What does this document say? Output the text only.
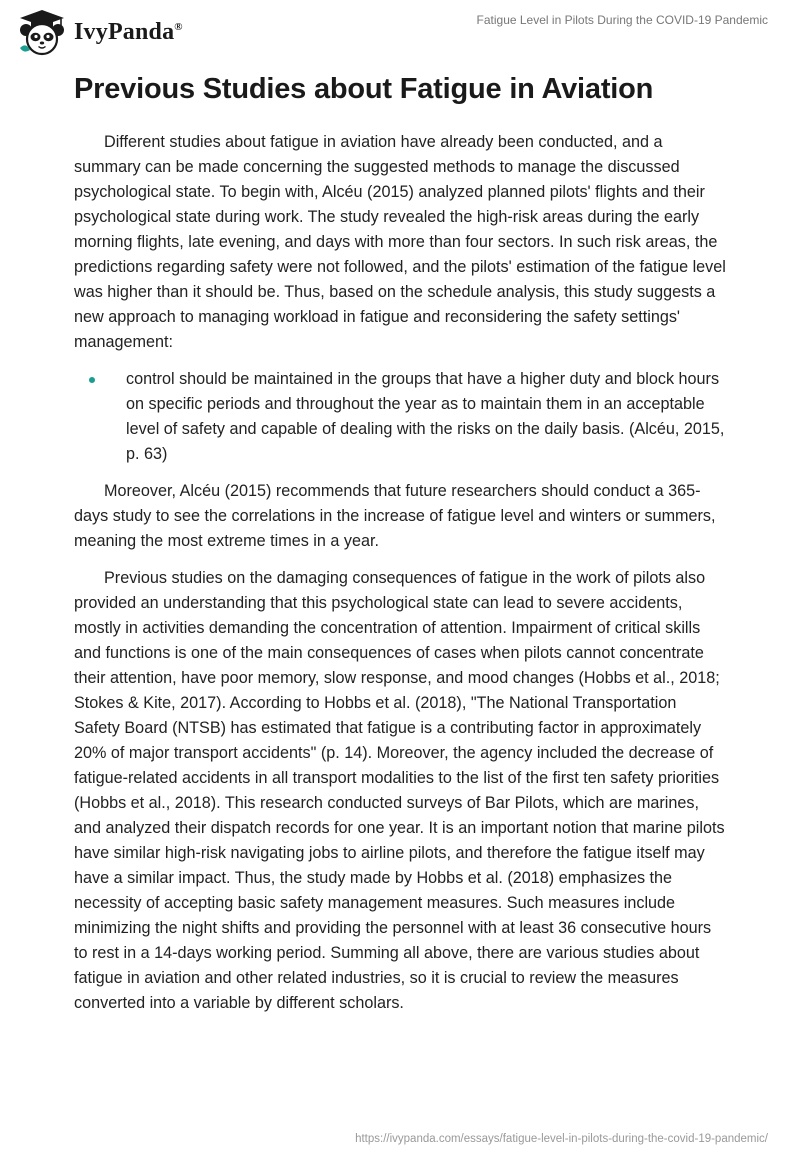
IvyPanda®	Fatigue Level in Pilots During the COVID-19 Pandemic
Previous Studies about Fatigue in Aviation

Different studies about fatigue in aviation have already been conducted, and a summary can be made concerning the suggested methods to manage the discussed psychological state. To begin with, Alcéu (2015) analyzed planned pilots' flights and their psychological state during work. The study revealed the high-risk areas during the early morning flights, late evening, and days with more than four sectors. In such risk areas, the predictions regarding safety were not followed, and the pilots' estimation of the fatigue level was higher than it should be. Thus, based on the schedule analysis, this study suggests a new approach to managing workload in fatigue and reconsidering the safety settings' management:

control should be maintained in the groups that have a higher duty and block hours on specific periods and throughout the year as to maintain them in an acceptable level of safety and capable of dealing with the risks on the daily basis. (Alcéu, 2015, p. 63)

Moreover, Alcéu (2015) recommends that future researchers should conduct a 365-days study to see the correlations in the increase of fatigue level and winters or summers, meaning the most extreme times in a year.

Previous studies on the damaging consequences of fatigue in the work of pilots also provided an understanding that this psychological state can lead to severe accidents, mostly in activities demanding the concentration of attention. Impairment of critical skills and functions is one of the main consequences of cases when pilots cannot concentrate their attention, have poor memory, slow response, and mood changes (Hobbs et al., 2018; Stokes & Kite, 2017). According to Hobbs et al. (2018), "The National Transportation Safety Board (NTSB) has estimated that fatigue is a contributing factor in approximately 20% of major transport accidents" (p. 14). Moreover, the agency included the decrease of fatigue-related accidents in all transport modalities to the list of the first ten safety priorities (Hobbs et al., 2018). This research conducted surveys of Bar Pilots, which are marines, and analyzed their dispatch records for one year. It is an important notion that marine pilots have similar high-risk navigating jobs to airline pilots, and therefore the fatigue itself may have a similar impact. Thus, the study made by Hobbs et al. (2018) emphasizes the necessity of accepting basic safety management measures. Such measures include minimizing the night shifts and providing the personnel with at least 36 consecutive hours to rest in a 14-days working period. Summing all above, there are various studies about fatigue in aviation and other related industries, so it is crucial to review the measures converted into a variable by different scholars.

https://ivypanda.com/essays/fatigue-level-in-pilots-during-the-covid-19-pandemic/
